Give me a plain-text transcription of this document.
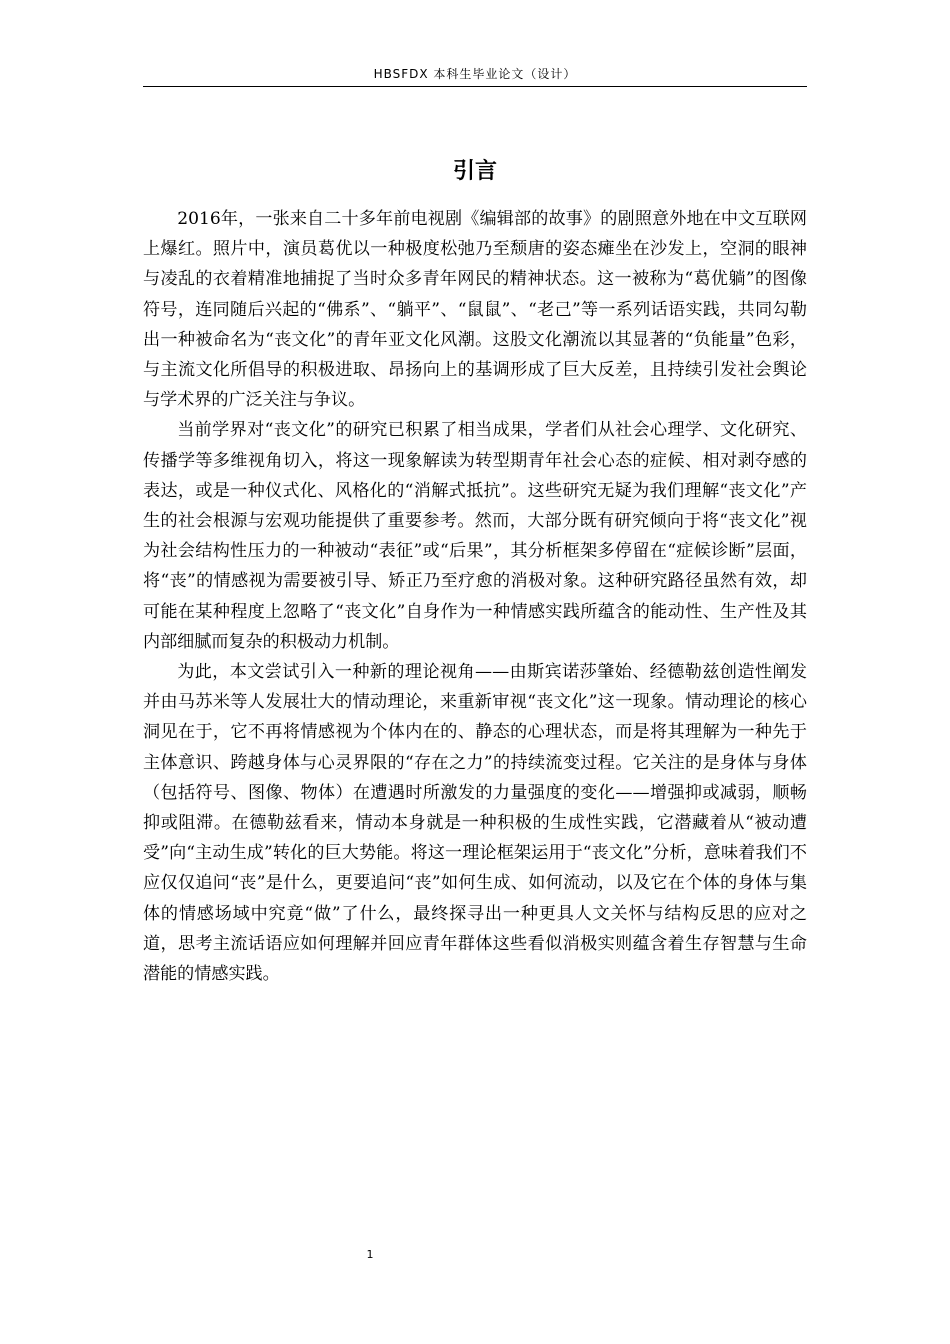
HBSFDX 本科生毕业论文（设计）
引言

2016年，一张来自二十多年前电视剧《编辑部的故事》的剧照意外地在中文互联网上爆红。照片中，演员葛优以一种极度松弛乃至颓唐的姿态瘫坐在沙发上，空洞的眼神与凌乱的衣着精准地捕捉了当时众多青年网民的精神状态。这一被称为“葛优躺”的图像符号，连同随后兴起的“佛系”、“躺平”、“鼠鼠”、“老己”等一系列话语实践，共同勾勒出一种被命名为“丧文化”的青年亚文化风潮。这股文化潮流以其显著的“负能量”色彩，与主流文化所倡导的积极进取、昂扬向上的基调形成了巨大反差，且持续引发社会舆论与学术界的广泛关注与争议。

当前学界对“丧文化”的研究已积累了相当成果，学者们从社会心理学、文化研究、传播学等多维视角切入，将这一现象解读为转型期青年社会心态的症候、相对剥夺感的表达，或是一种仪式化、风格化的“消解式抵抗”。这些研究无疑为我们理解“丧文化”产生的社会根源与宏观功能提供了重要参考。然而，大部分既有研究倾向于将“丧文化”视为社会结构性压力的一种被动“表征”或“后果”，其分析框架多停留在“症候诊断”层面，将“丧”的情感视为需要被引导、矫正乃至疗愈的消极对象。这种研究路径虽然有效，却可能在某种程度上忽略了“丧文化”自身作为一种情感实践所蕴含的能动性、生产性及其内部细腻而复杂的积极动力机制。

为此，本文尝试引入一种新的理论视角——由斯宾诺莎肇始、经德勒兹创造性阐发并由马苏米等人发展壮大的情动理论，来重新审视“丧文化”这一现象。情动理论的核心洞见在于，它不再将情感视为个体内在的、静态的心理状态，而是将其理解为一种先于主体意识、跨越身体与心灵界限的“存在之力”的持续流变过程。它关注的是身体与身体（包括符号、图像、物体）在遭遇时所激发的力量强度的变化——增强抑或减弱，顺畅抑或阻滞。在德勒兹看来，情动本身就是一种积极的生成性实践，它潜藏着从“被动遭受”向“主动生成”转化的巨大势能。将这一理论框架运用于“丧文化”分析，意味着我们不应仅仅追问“丧”是什么，更要追问“丧”如何生成、如何流动，以及它在个体的身体与集体的情感场域中究竟“做”了什么，最终探寻出一种更具人文关怀与结构反思的应对之道，思考主流话语应如何理解并回应青年群体这些看似消极实则蕴含着生存智慧与生命潜能的情感实践。

1
